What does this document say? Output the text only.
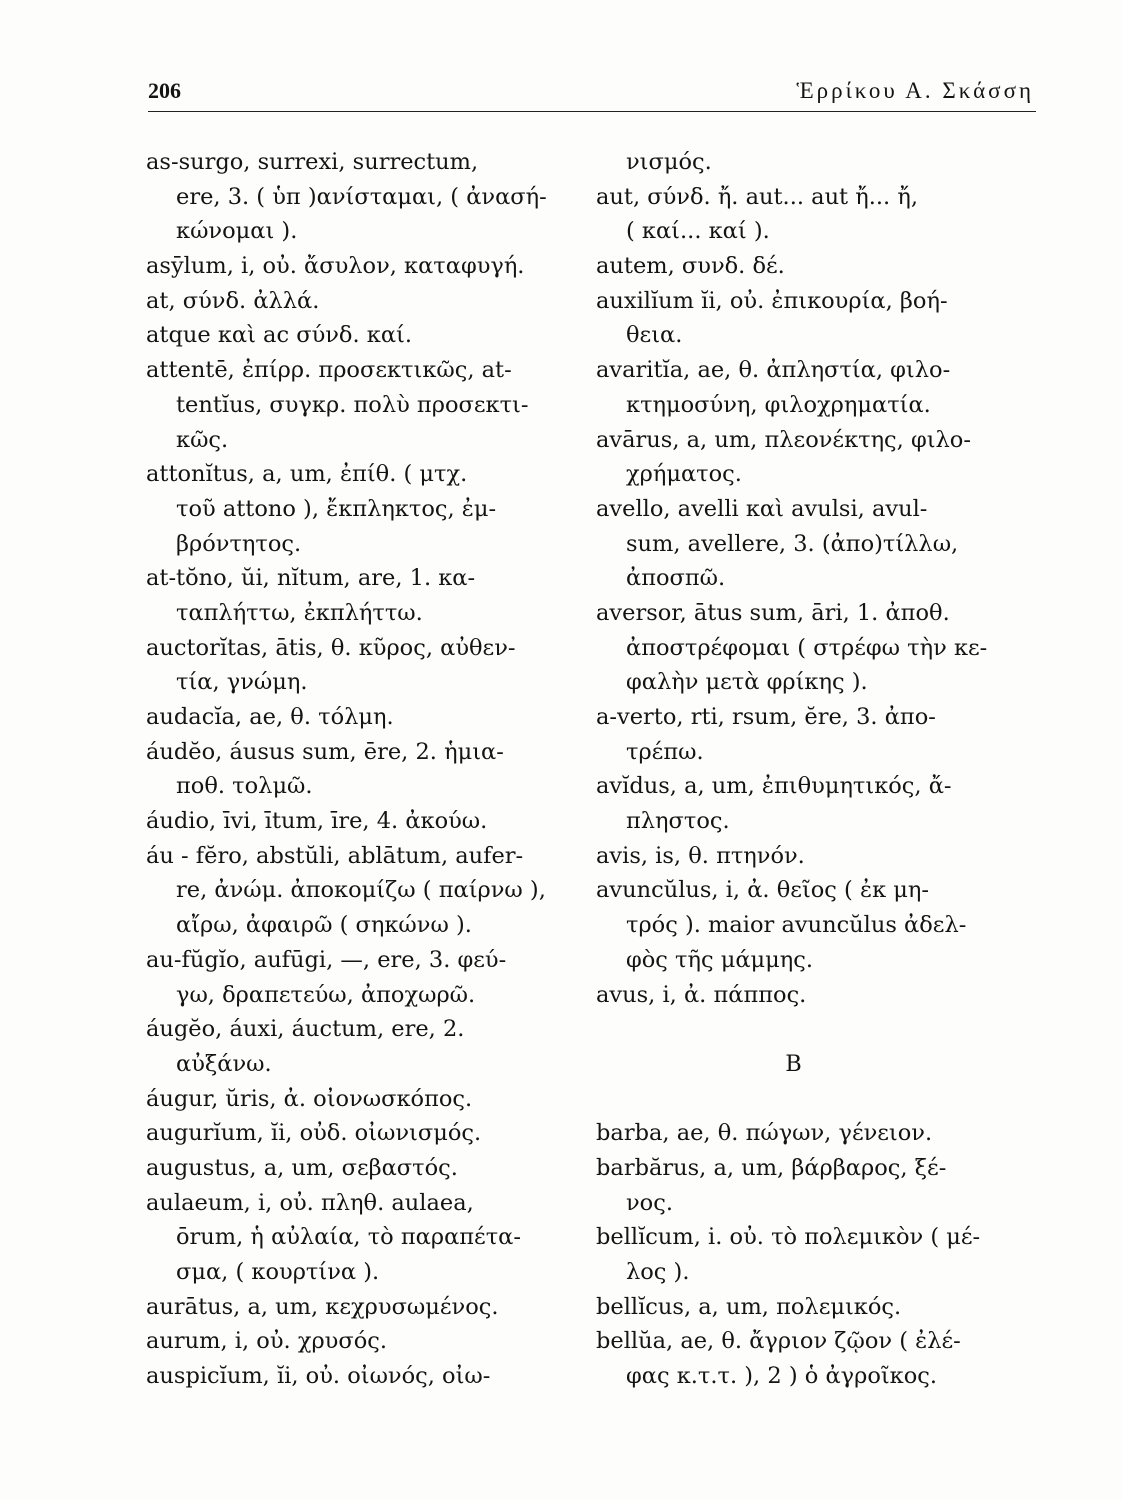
206	Ἑρρίκου Α. Σκάσση
as-surgo, surrexi, surrectum,
ere, 3. ( ὑπ )ανίσταμαι, ( ἀνασή-
κώνομαι ).
asȳlum, i, οὐ. ἄσυλον, καταφυγή.
at, σύνδ. ἀλλά.
atque καὶ ac σύνδ. καί.
attentē, ἐπίρρ. προσεκτικῶς, at-
tentĭus, συγκρ. πολὺ προσεκτι-
κῶς.
attonĭtus, a, um, ἐπίθ. ( μτχ.
τοῦ attono ), ἔκπληκτος, ἐμ-
βρόντητος.
at-tŏno, ŭi, nĭtum, are, 1. κα-
ταπλήττω, ἐκπλήττω.
auctorĭtas, ātis, θ. κῦρος, αὐθεν-
τία, γνώμη.
audacĭa, ae, θ. τόλμη.
áudĕo, áusus sum, ēre, 2. ἡμια-
ποθ. τολμῶ.
áudio, īvi, ītum, īre, 4. ἀκούω.
áu - fĕro, abstŭli, ablātum, aufer-
re, ἀνώμ. ἀποκομίζω ( παίρνω ),
αἴρω, ἀφαιρῶ ( σηκώνω ).
au-fŭgĭo, aufūgi, —, ere, 3. φεύ-
γω, δραπετεύω, ἀποχωρῶ.
áugĕo, áuxi, áuctum, ere, 2.
αὐξάνω.
áugur, ŭris, ἀ. οἰονωσκόπος.
augurĭum, ĭi, οὐδ. οἰωνισμός.
augustus, a, um, σεβαστός.
aulaeum, i, οὐ. πληθ. aulaea,
ōrum, ἡ αὐλαία, τὸ παραπέτα-
σμα, ( κουρτίνα ).
aurātus, a, um, κεχρυσωμένος.
aurum, i, οὐ. χρυσός.
auspicĭum, ĭi, οὐ. οἰωνός, οἰω-
νισμός.
aut, σύνδ. ἤ. aut... aut ἤ... ἤ,
( καί... καί ).
autem, συνδ. δέ.
auxilĭum ĭi, οὐ. ἐπικουρία, βοή-
θεια.
avaritĭa, ae, θ. ἀπληστία, φιλο-
κτημοσύνη, φιλοχρηματία.
avārus, a, um, πλεονέκτης, φιλο-
χρήματος.
avello, avelli καὶ avulsi, avul-
sum, avellere, 3. (ἀπο)τίλλω,
ἀποσπῶ.
aversor, ātus sum, āri, 1. ἀποθ.
ἀποστρέφομαι ( στρέφω τὴν κε-
φαλὴν μετὰ φρίκης ).
a-verto, rti, rsum, ĕre, 3. ἀπο-
τρέπω.
avĭdus, a, um, ἐπιθυμητικός, ἄ-
πληστος.
avis, is, θ. πτηνόν.
avuncŭlus, i, ἀ. θεῖος ( ἐκ μη-
τρός ). maior avuncŭlus ἀδελ-
φὸς τῆς μάμμης.
avus, i, ἀ. πάππος.
B
barba, ae, θ. πώγων, γένειον.
barbărus, a, um, βάρβαρος, ξέ-
νος.
bellĭcum, i. οὐ. τὸ πολεμικὸν ( μέ-
λος ).
bellĭcus, a, um, πολεμικός.
bellŭa, ae, θ. ἄγριον ζῷον ( ἐλέ-
φας κ.τ.τ. ), 2 ) ὁ ἀγροῖκος.
